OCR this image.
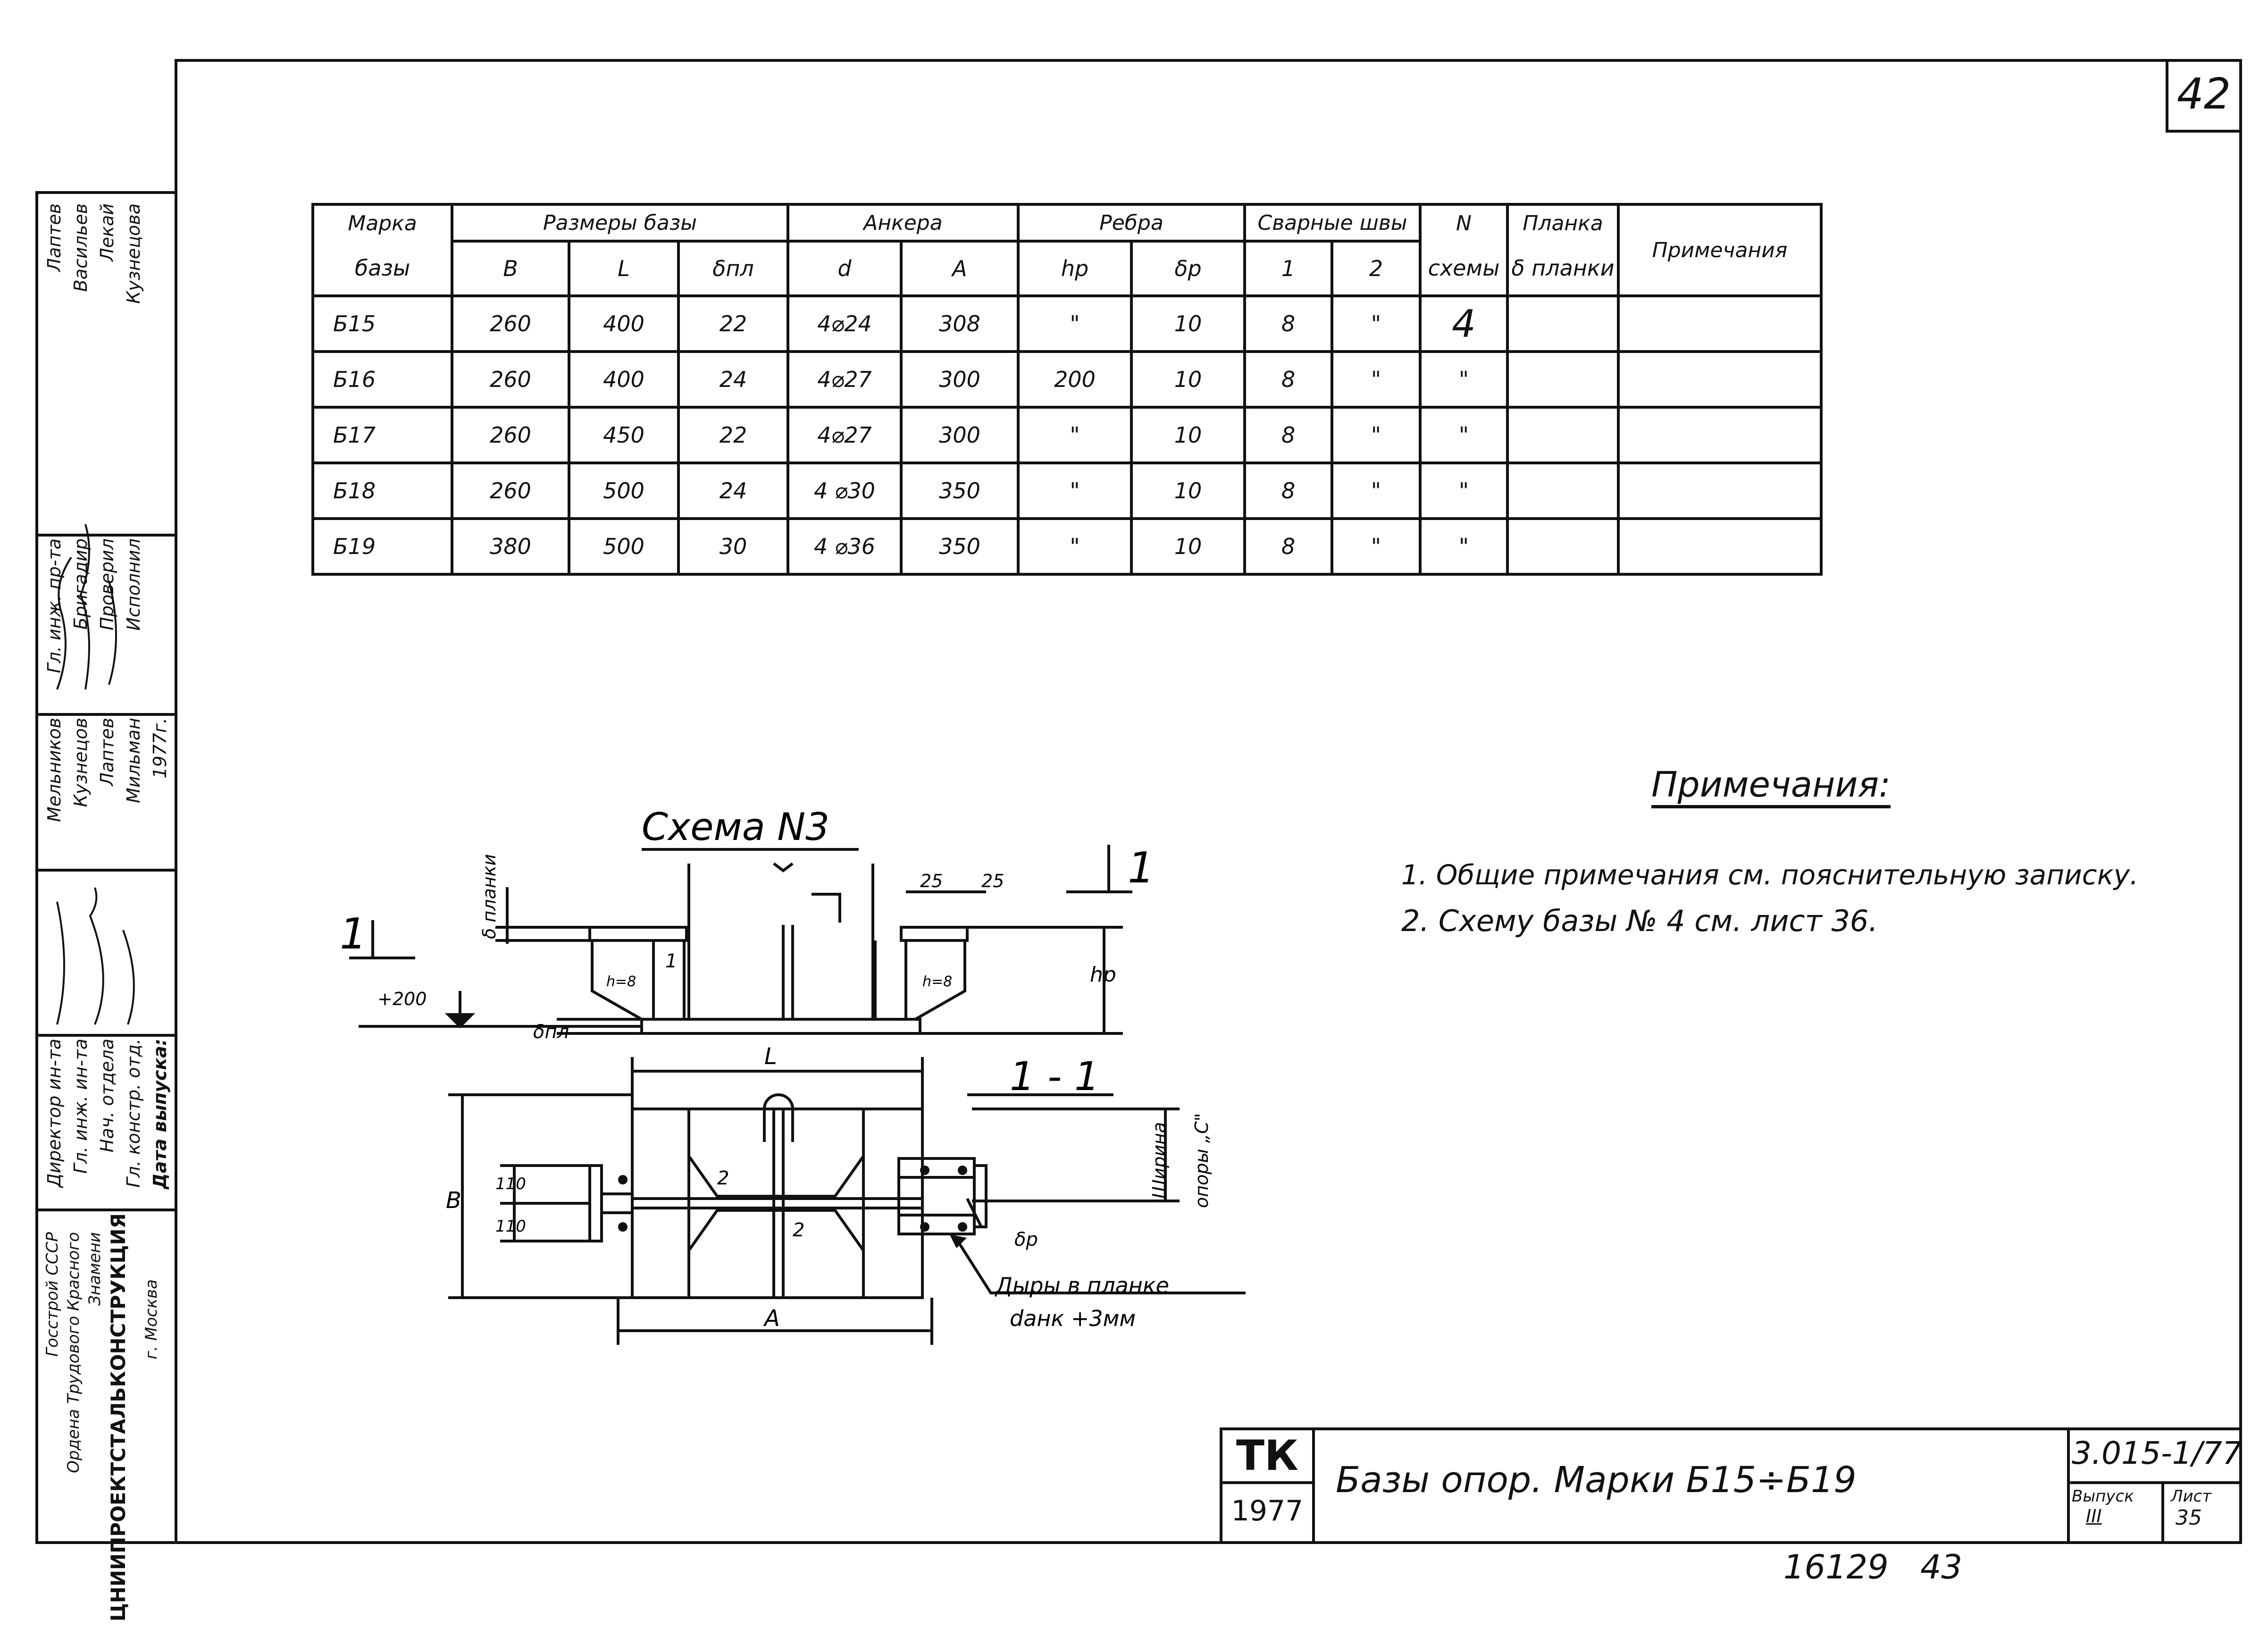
42
Госстрой СССР Ордена Трудового Красного Знамени ЦНИИПРОЕКТСТАЛЬКОНСТРУКЦИЯ г. Москва
Директор ин-та Гл. инж. ин-та Нач. отдела Гл. констр. отд. Дата выпуска:
Мельников Кузнецов Лаптев Мильман 1977г.
Гл. инж. пр-та Бригадир Проверил Исполнил
Лаптев Васильев Лекай Кузнецова	Марка	Размеры базы			Анкера		Ребра		Сварные швы		N	Планка	Примечания
базы	В	L	δпл	d	A	hp	δp	1	2	схемы	δ планки	
Б15	260	400	22	4⌀24	308	"	10	8	"	4		
Б16	260	400	24	4⌀27	300	200	10	8	"	"		
Б17	260	450	22	4⌀27	300	"	10	8	"	"		
Б18	260	500	24	4 ⌀30	350	"	10	8	"	"		
Б19	380	500	30	4 ⌀36	350	"	10	8	"	"		
Примечания:
1. Общие примечания см. пояснительную записку.
2. Схему базы № 4 см. лист 36.
Схема N3
1 - 1
1
1
+200
hp
δпл
L
A
В
25 25
110
110
δp
h=8	h=8
1
2
2
Дыры в планке
dанк +3мм
δ планки
Ширина опоры „С"
ТК
1977
Базы опор. Марки Б15÷Б19
3.015-1/77
Выпуск
III
Лист
35
16129 43
